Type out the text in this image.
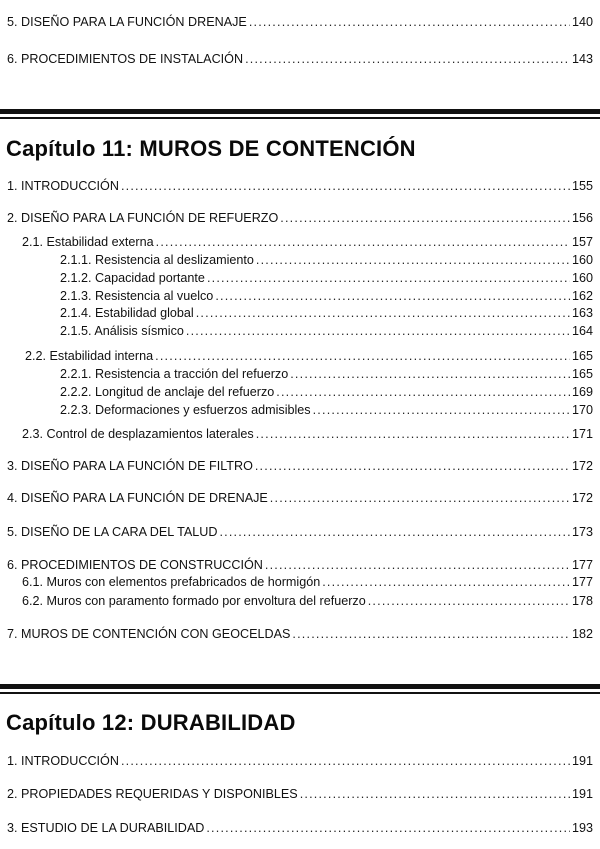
5. DISEÑO PARA LA FUNCIÓN DRENAJE .....	140
6. PROCEDIMIENTOS DE INSTALACIÓN .....	143
Capítulo 11: MUROS DE CONTENCIÓN
1. INTRODUCCIÓN .....	155
2. DISEÑO PARA LA FUNCIÓN DE REFUERZO .....	156
2.1. Estabilidad externa .....	157
2.1.1. Resistencia al deslizamiento .....	160
2.1.2. Capacidad portante .....	160
2.1.3. Resistencia al vuelco .....	162
2.1.4. Estabilidad global .....	163
2.1.5. Análisis sísmico .....	164
2.2. Estabilidad interna .....	165
2.2.1. Resistencia a tracción del refuerzo .....	165
2.2.2. Longitud de anclaje del refuerzo .....	169
2.2.3. Deformaciones y esfuerzos admisibles .....	170
2.3. Control de desplazamientos laterales .....	171
3. DISEÑO PARA LA FUNCIÓN DE FILTRO .....	172
4. DISEÑO PARA LA FUNCIÓN DE DRENAJE .....	172
5. DISEÑO DE LA CARA DEL TALUD .....	173
6. PROCEDIMIENTOS DE CONSTRUCCIÓN .....	177
6.1. Muros con elementos prefabricados de hormigón .....	177
6.2. Muros con paramento formado por envoltura del refuerzo .....	178
7. MUROS DE CONTENCIÓN CON GEOCELDAS .....	182
Capítulo 12: DURABILIDAD
1. INTRODUCCIÓN .....	191
2. PROPIEDADES REQUERIDAS Y DISPONIBLES .....	191
3. ESTUDIO DE LA DURABILIDAD .....	193
